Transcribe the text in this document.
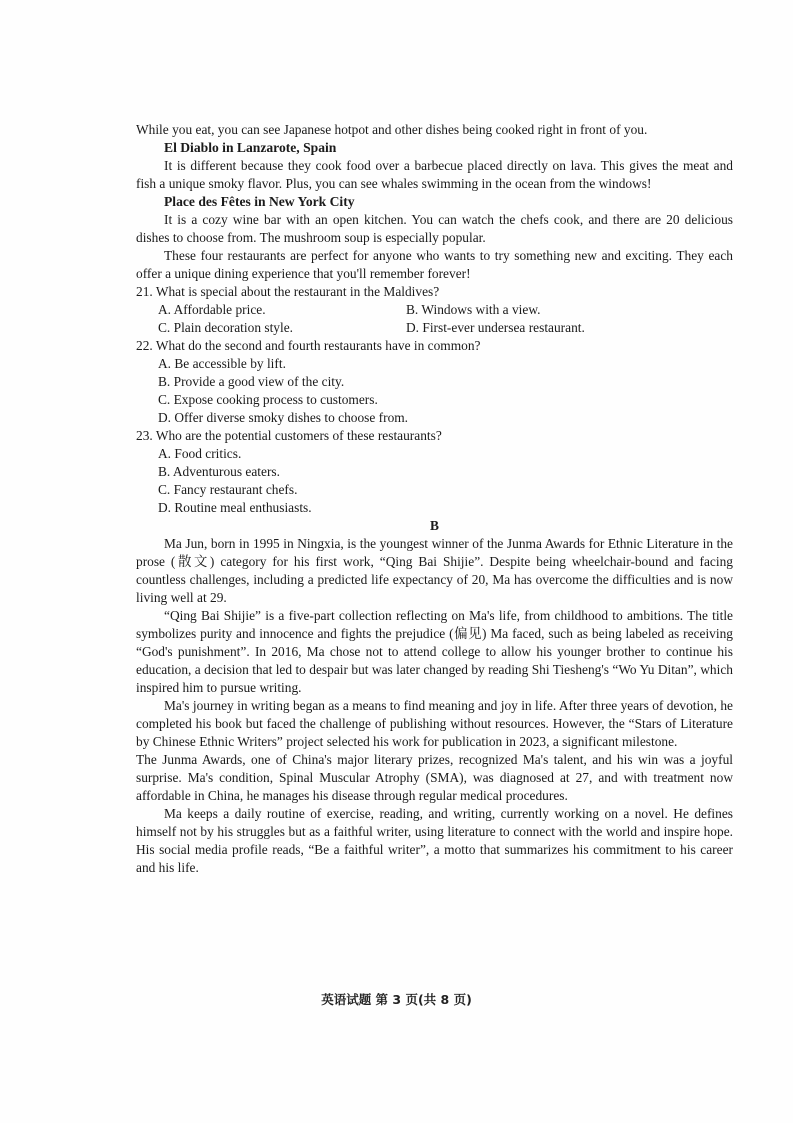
While you eat, you can see Japanese hotpot and other dishes being cooked right in front of you.

El Diablo in Lanzarote, Spain

It is different because they cook food over a barbecue placed directly on lava. This gives the meat and fish a unique smoky flavor. Plus, you can see whales swimming in the ocean from the windows!

Place des Fêtes in New York City

It is a cozy wine bar with an open kitchen. You can watch the chefs cook, and there are 20 delicious dishes to choose from. The mushroom soup is especially popular.

These four restaurants are perfect for anyone who wants to try something new and exciting. They each offer a unique dining experience that you'll remember forever!

21. What is special about the restaurant in the Maldives?

A. Affordable price.	B. Windows with a view.
C. Plain decoration style.	D. First-ever undersea restaurant.

22. What do the second and fourth restaurants have in common?

A. Be accessible by lift.

B. Provide a good view of the city.

C. Expose cooking process to customers.

D. Offer diverse smoky dishes to choose from.

23. Who are the potential customers of these restaurants?

A. Food critics.

B. Adventurous eaters.

C. Fancy restaurant chefs.

D. Routine meal enthusiasts.

B

Ma Jun, born in 1995 in Ningxia, is the youngest winner of the Junma Awards for Ethnic Literature in the prose (散文) category for his first work, “Qing Bai Shijie”. Despite being wheelchair-bound and facing countless challenges, including a predicted life expectancy of 20, Ma has overcome the difficulties and is now living well at 29.

“Qing Bai Shijie” is a five-part collection reflecting on Ma's life, from childhood to ambitions. The title symbolizes purity and innocence and fights the prejudice (偏见) Ma faced, such as being labeled as receiving “God's punishment”. In 2016, Ma chose not to attend college to allow his younger brother to continue his education, a decision that led to despair but was later changed by reading Shi Tiesheng's “Wo Yu Ditan”, which inspired him to pursue writing.

Ma's journey in writing began as a means to find meaning and joy in life. After three years of devotion, he completed his book but faced the challenge of publishing without resources. However, the “Stars of Literature by Chinese Ethnic Writers” project selected his work for publication in 2023, a significant milestone.

The Junma Awards, one of China's major literary prizes, recognized Ma's talent, and his win was a joyful surprise. Ma's condition, Spinal Muscular Atrophy (SMA), was diagnosed at 27, and with treatment now affordable in China, he manages his disease through regular medical procedures.

Ma keeps a daily routine of exercise, reading, and writing, currently working on a novel. He defines himself not by his struggles but as a faithful writer, using literature to connect with the world and inspire hope. His social media profile reads, “Be a faithful writer”, a motto that summarizes his commitment to his career and his life.

英语试题 第 3 页(共 8 页)
